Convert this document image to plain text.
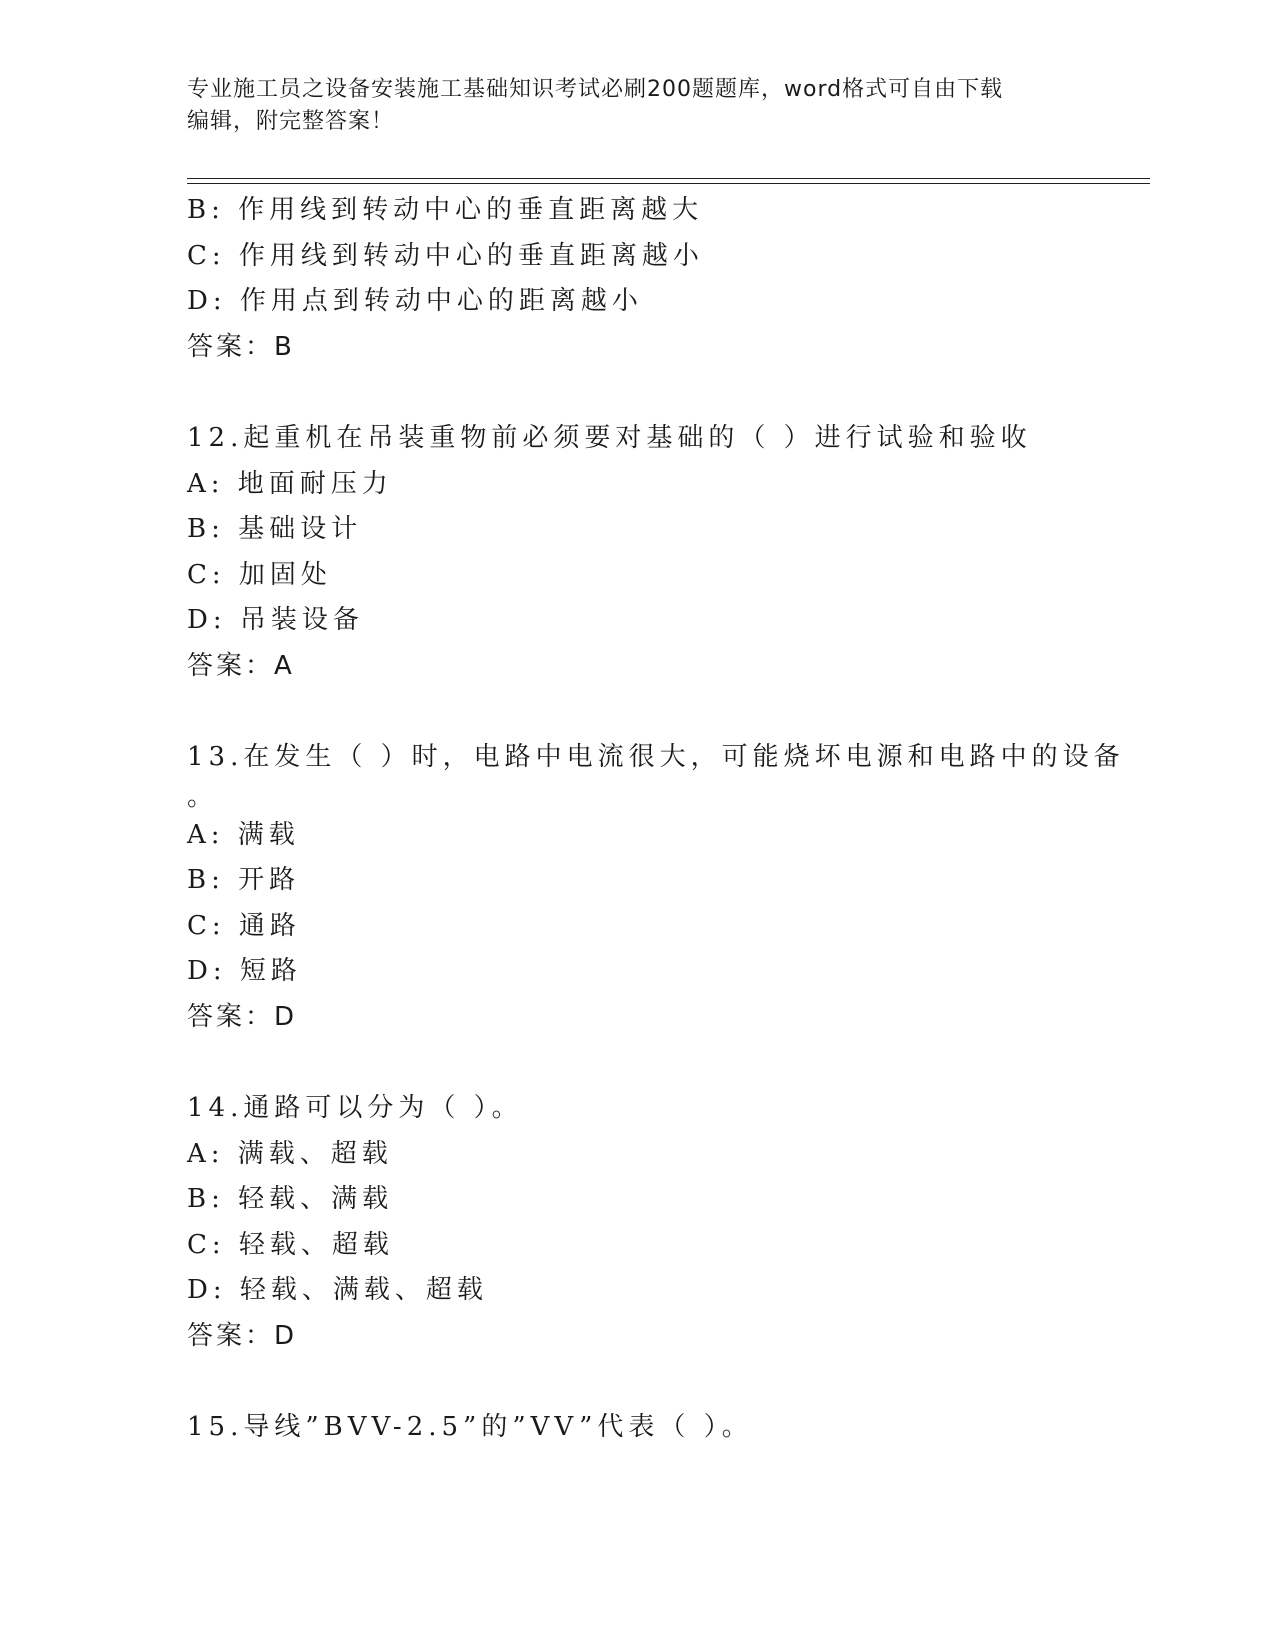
专业施工员之设备安装施工基础知识考试必刷200题题库，word格式可自由下载
编辑，附完整答案！
B: 作用线到转动中心的垂直距离越大
C: 作用线到转动中心的垂直距离越小
D: 作用点到转动中心的距离越小
答案：B
12.起重机在吊装重物前必须要对基础的（ ）进行试验和验收
A: 地面耐压力
B: 基础设计
C: 加固处
D: 吊装设备
答案：A
13.在发生（ ）时，电路中电流很大，可能烧坏电源和电路中的设备
。
A: 满载
B: 开路
C: 通路
D: 短路
答案：D
14.通路可以分为（ ）。
A: 满载、超载
B: 轻载、满载
C: 轻载、超载
D: 轻载、满载、超载
答案：D
15.导线”BVV-2.5”的”VV”代表（ ）。
